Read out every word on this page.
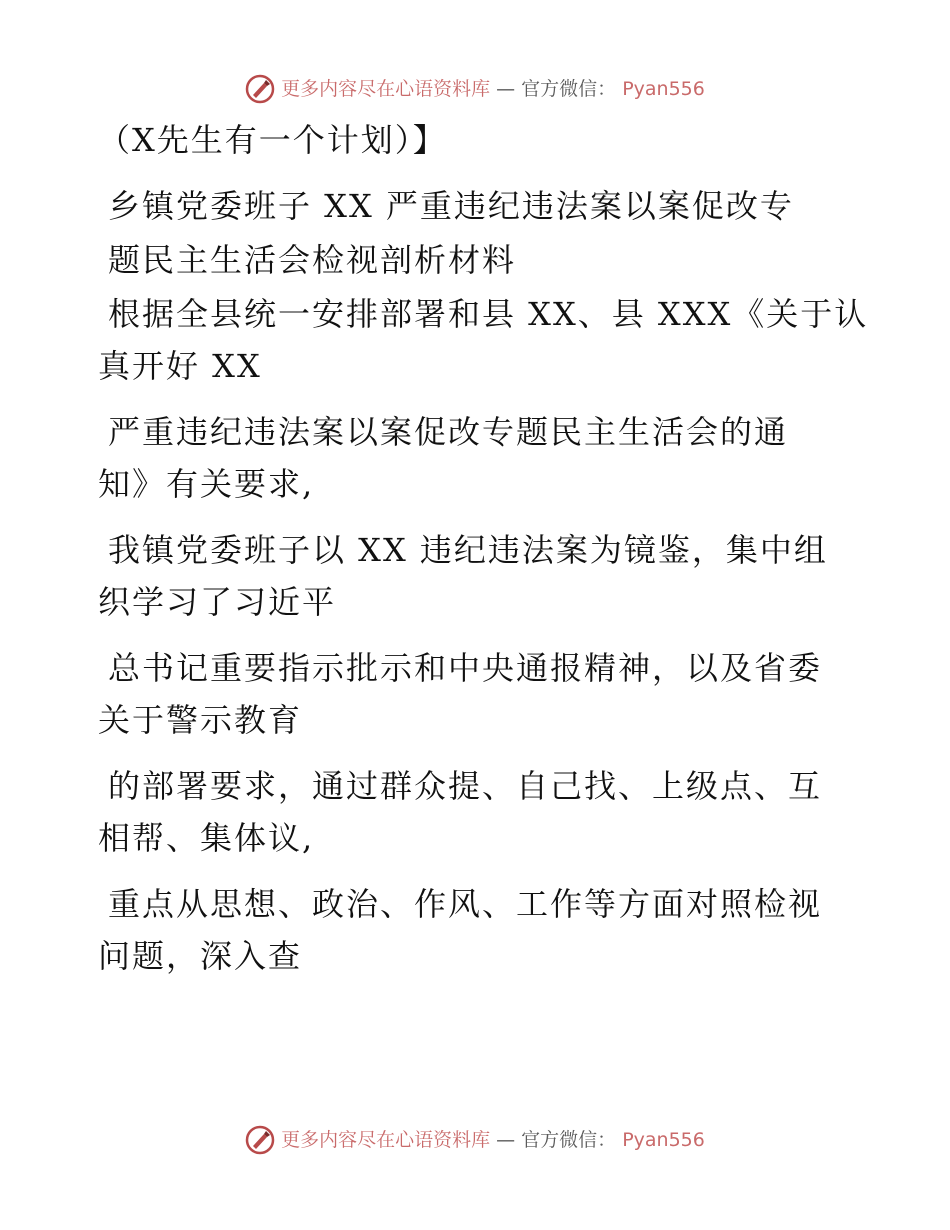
更多内容尽在心语资料库 — 官方微信： Pyan556

（X先生有一个计划）】

乡镇党委班子 XX 严重违纪违法案以案促改专

题民主生活会检视剖析材料

根据全县统一安排部署和县 XX、县 XXX《关于认

真开好 XX

严重违纪违法案以案促改专题民主生活会的通

知》有关要求,

我镇党委班子以 XX 违纪违法案为镜鉴，集中组

织学习了习近平

总书记重要指示批示和中央通报精神，以及省委

关于警示教育

的部署要求，通过群众提、自己找、上级点、互

相帮、集体议,

重点从思想、政治、作风、工作等方面对照检视

问题，深入查

更多内容尽在心语资料库 — 官方微信： Pyan556
